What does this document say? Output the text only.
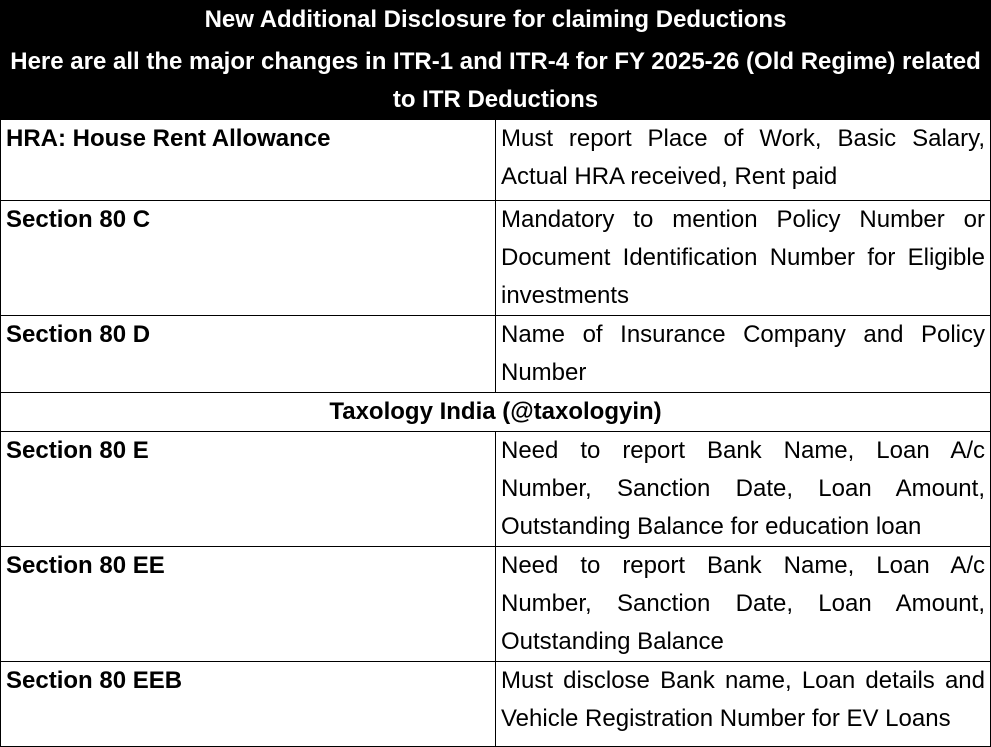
New Additional Disclosure for claiming Deductions	
Here are all the major changes in ITR-1 and ITR-4 for FY 2025-26 (Old Regime) related to ITR Deductions	
HRA: House Rent Allowance	Must report Place of Work, Basic Salary, Actual HRA received, Rent paid
Section 80 C	Mandatory to mention Policy Number or Document Identification Number for Eligible investments
Section 80 D	Name of Insurance Company and Policy Number
Taxology India (@taxologyin)	
Section 80 E	Need to report Bank Name, Loan A/c Number, Sanction Date, Loan Amount, Outstanding Balance for education loan
Section 80 EE	Need to report Bank Name, Loan A/c Number, Sanction Date, Loan Amount, Outstanding Balance
Section 80 EEB	Must disclose Bank name, Loan details and Vehicle Registration Number for EV Loans
